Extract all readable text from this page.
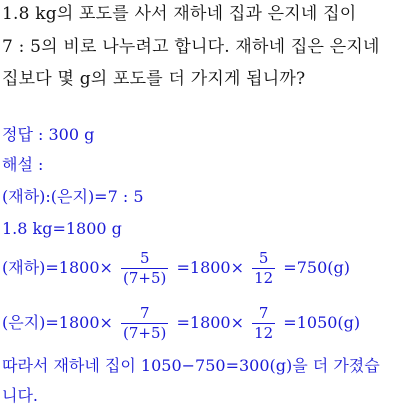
1.8 kg의 포도를 사서 재하네 집과 은지네 집이
7 : 5의 비로 나누려고 합니다. 재하네 집은 은지네
집보다 몇 g의 포도를 더 가지게 됩니까?
정답 : 300 g
해설 :
(재하):(은지)=7 : 5
1.8 kg=1800 g
(재하)$=1800\times \frac{5}{(7+5)} =1800\times \frac{5}{12} =750(g)$
(은지)$=1800\times \frac{7}{(7+5)} =1800\times \frac{7}{12} =1050(g)$
따라서 재하네 집이 1050−750=300(g)을 더 가졌습
니다.
